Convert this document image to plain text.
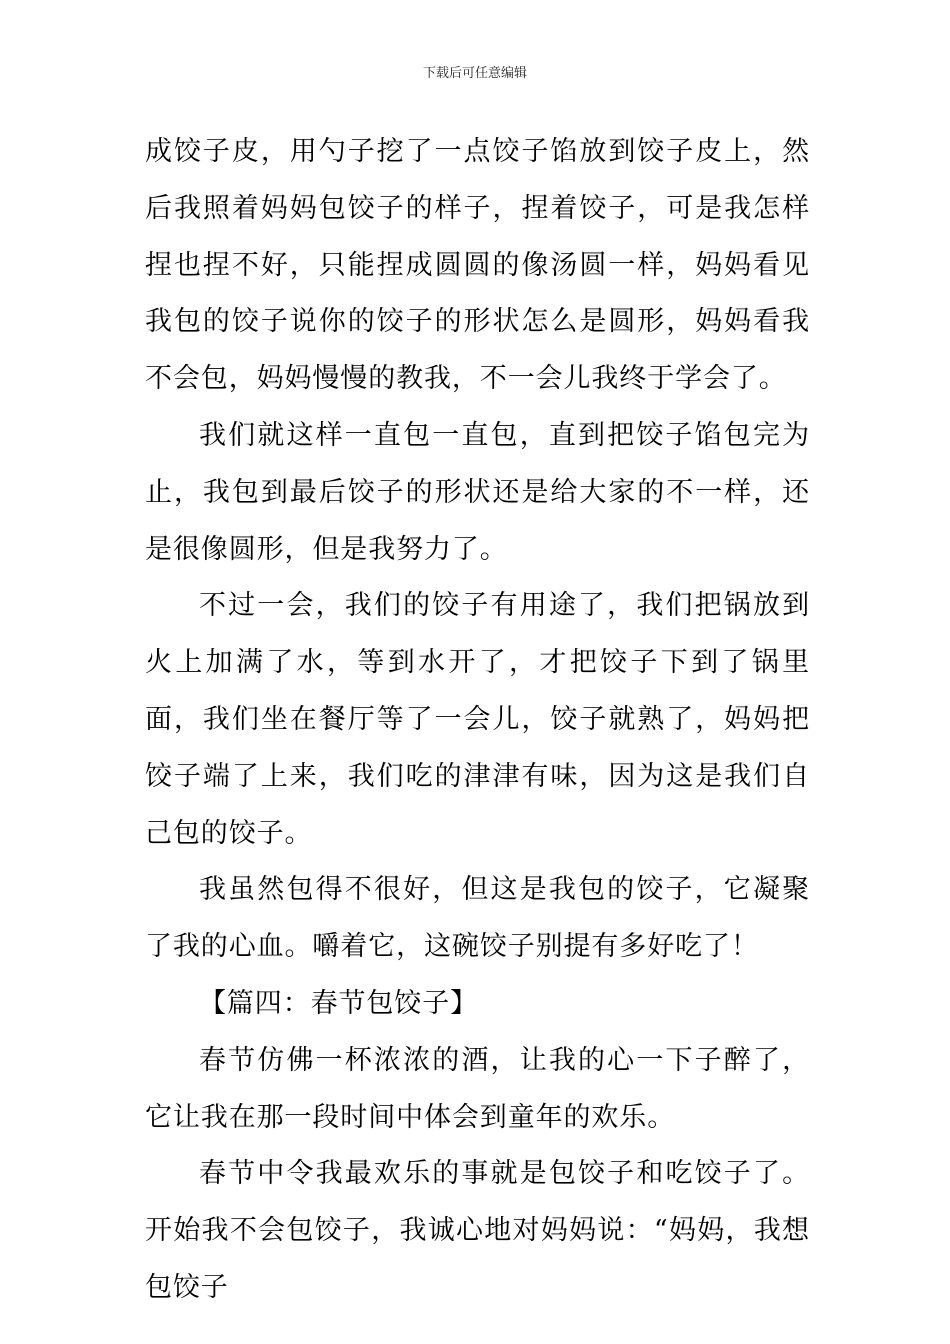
下载后可任意编辑

成饺子皮，用勺子挖了一点饺子馅放到饺子皮上，然后我照着妈妈包饺子的样子，捏着饺子，可是我怎样捏也捏不好，只能捏成圆圆的像汤圆一样，妈妈看见我包的饺子说你的饺子的形状怎么是圆形，妈妈看我不会包，妈妈慢慢的教我，不一会儿我终于学会了。

我们就这样一直包一直包，直到把饺子馅包完为止，我包到最后饺子的形状还是给大家的不一样，还是很像圆形，但是我努力了。

不过一会，我们的饺子有用途了，我们把锅放到火上加满了水，等到水开了，才把饺子下到了锅里面，我们坐在餐厅等了一会儿，饺子就熟了，妈妈把饺子端了上来，我们吃的津津有味，因为这是我们自己包的饺子。

我虽然包得不很好，但这是我包的饺子，它凝聚了我的心血。嚼着它，这碗饺子别提有多好吃了！

【篇四：春节包饺子】

春节仿佛一杯浓浓的酒，让我的心一下子醉了，它让我在那一段时间中体会到童年的欢乐。

春节中令我最欢乐的事就是包饺子和吃饺子了。开始我不会包饺子，我诚心地对妈妈说：“妈妈，我想包饺子
